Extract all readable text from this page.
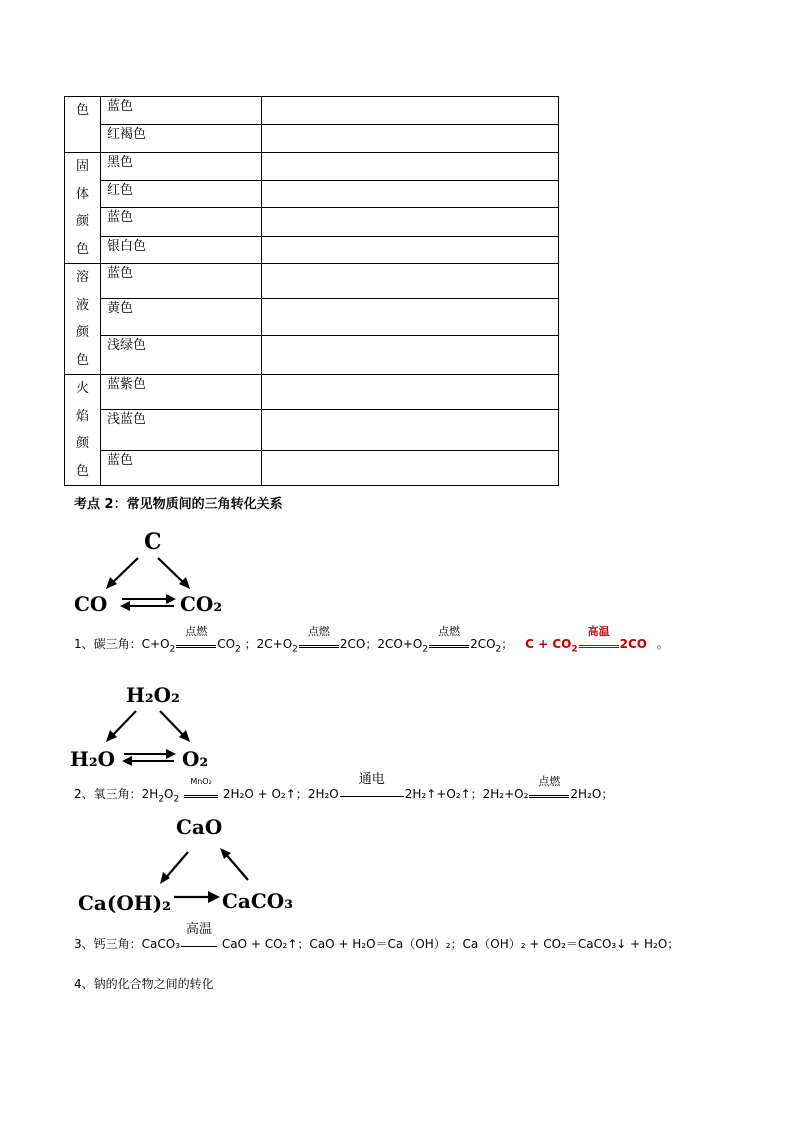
色	蓝色	
	红褐色	

固
体
颜
色	黑色	
	红色	
	蓝色	
	银白色	

溶
液
颜
色	蓝色	
	黄色	
	浅绿色	

火
焰
颜
色	蓝紫色	
	浅蓝色	
	蓝色	
考点 2：常见物质间的三角转化关系
C
CO	CO₂
1、碳三角：$C+O_2$
点燃
$CO_2$ ；$2C+O_2$
点燃
2CO；$2CO+O_2$
点燃
$2CO_2$； $C + CO_2$
高温
2CO 。
H₂O₂
H₂O	O₂
2、氧三角：$2H_2O_2$
MnO₂
2H₂O + O₂↑；2H₂O
通电
2H₂↑+O₂↑；2H₂+O₂
点燃
2H₂O；
CaO
Ca(OH)₂	CaCO₃
3、钙三角：CaCO₃
高温
CaO + CO₂↑；CaO + H₂O＝Ca（OH）₂；Ca（OH）₂ + CO₂＝CaCO₃↓ + H₂O；
4、钠的化合物之间的转化
